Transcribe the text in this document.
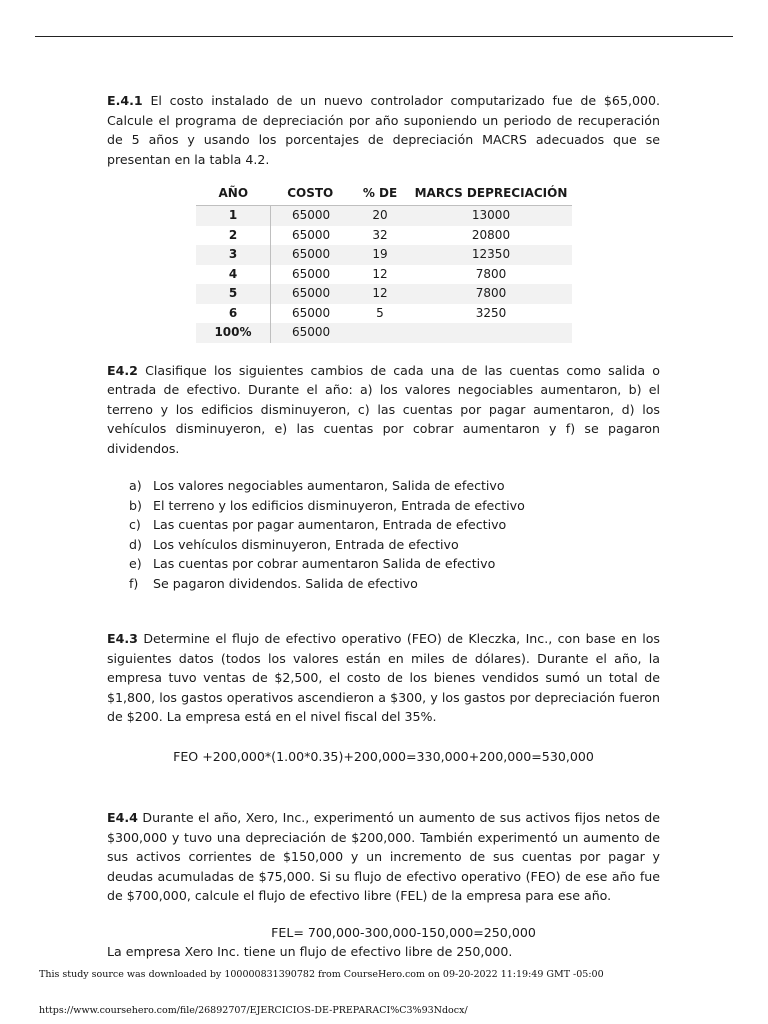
E.4.1 El costo instalado de un nuevo controlador computarizado fue de $65,000. Calcule el programa de depreciación por año suponiendo un periodo de recuperación de 5 años y usando los porcentajes de depreciación MACRS adecuados que se presentan en la tabla 4.2.

AÑO	COSTO	% DE	MARCS DEPRECIACIÓN
1	65000	20	13000
2	65000	32	20800
3	65000	19	12350
4	65000	12	7800
5	65000	12	7800
6	65000	5	3250
100%	65000		

E4.2 Clasifique los siguientes cambios de cada una de las cuentas como salida o entrada de efectivo. Durante el año: a) los valores negociables aumentaron, b) el terreno y los edificios disminuyeron, c) las cuentas por pagar aumentaron, d) los vehículos disminuyeron, e) las cuentas por cobrar aumentaron y f) se pagaron dividendos.

a) Los valores negociables aumentaron, Salida de efectivo
b) El terreno y los edificios disminuyeron, Entrada de efectivo
c) Las cuentas por pagar aumentaron, Entrada de efectivo
d) Los vehículos disminuyeron, Entrada de efectivo
e) Las cuentas por cobrar aumentaron Salida de efectivo
f) Se pagaron dividendos. Salida de efectivo

E4.3 Determine el flujo de efectivo operativo (FEO) de Kleczka, Inc., con base en los siguientes datos (todos los valores están en miles de dólares). Durante el año, la empresa tuvo ventas de $2,500, el costo de los bienes vendidos sumó un total de $1,800, los gastos operativos ascendieron a $300, y los gastos por depreciación fueron de $200. La empresa está en el nivel fiscal del 35%.

FEO +200,000*(1.00*0.35)+200,000=330,000+200,000=530,000

E4.4 Durante el año, Xero, Inc., experimentó un aumento de sus activos fijos netos de $300,000 y tuvo una depreciación de $200,000. También experimentó un aumento de sus activos corrientes de $150,000 y un incremento de sus cuentas por pagar y deudas acumuladas de $75,000. Si su flujo de efectivo operativo (FEO) de ese año fue de $700,000, calcule el flujo de efectivo libre (FEL) de la empresa para ese año.

FEL= 700,000-300,000-150,000=250,000
La empresa Xero Inc. tiene un flujo de efectivo libre de 250,000.
This study source was downloaded by 100000831390782 from CourseHero.com on 09-20-2022 11:19:49 GMT -05:00
https://www.coursehero.com/file/26892707/EJERCICIOS-DE-PREPARACI%C3%93Ndocx/
